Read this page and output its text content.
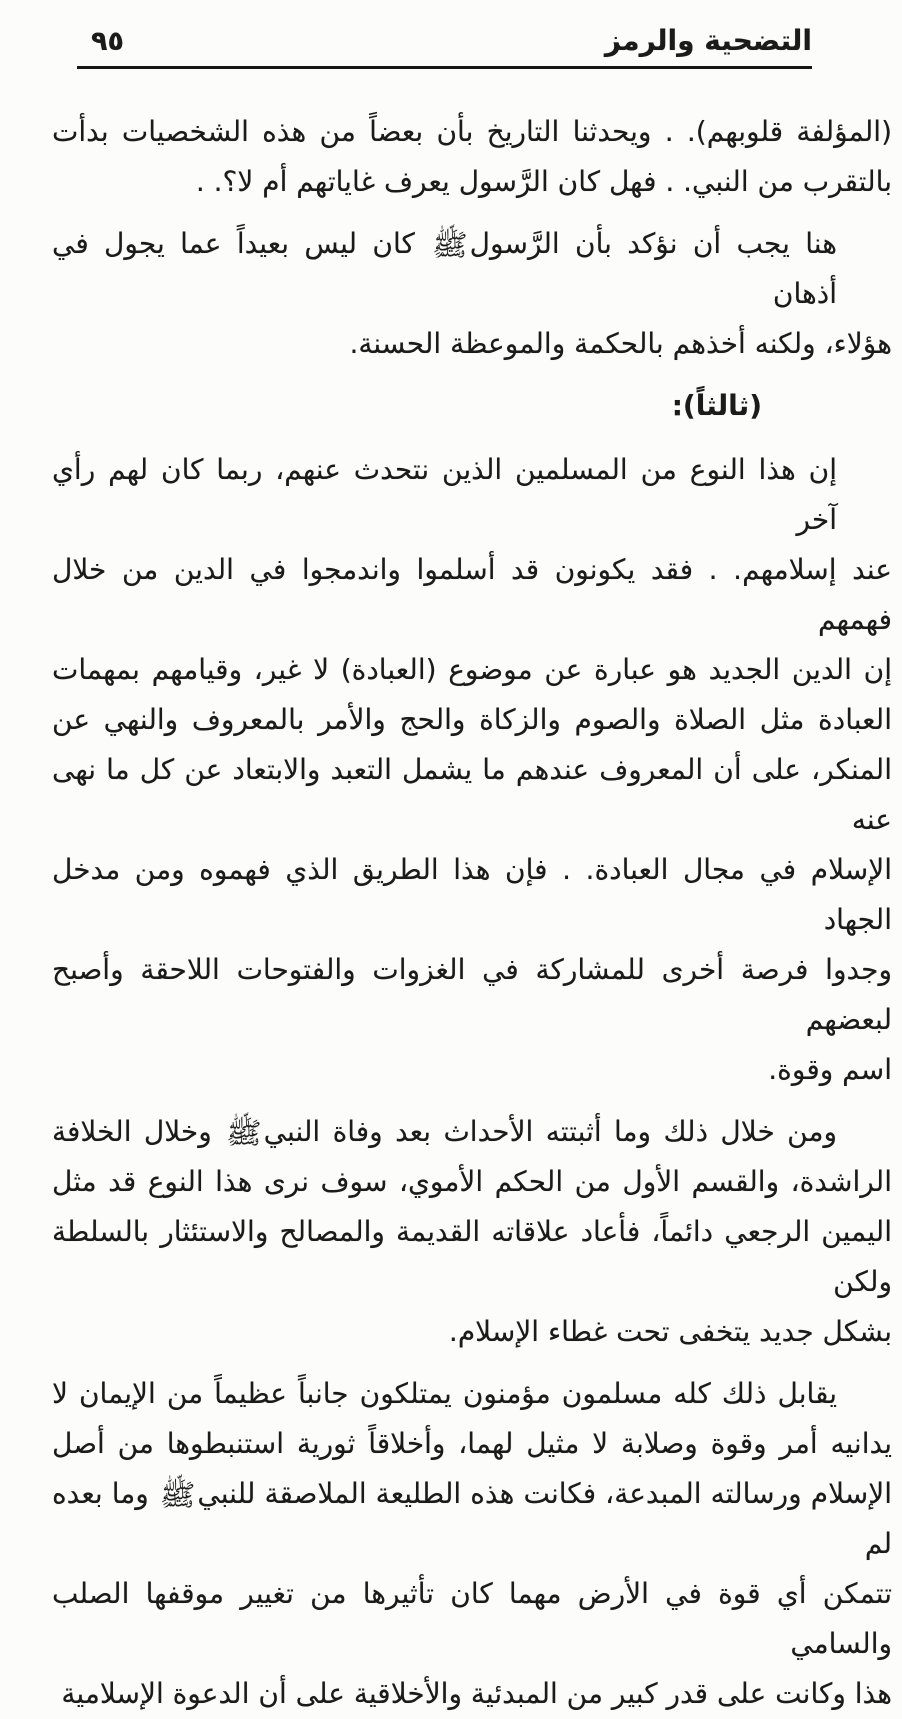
التضحية والرمز
٩٥

(المؤلفة قلوبهم). . ويحدثنا التاريخ بأن بعضاً من هذه الشخصيات بدأت
بالتقرب من النبي. . فهل كان الرَّسول يعرف غاياتهم أم لا؟. .

هنا يجب أن نؤكد بأن الرَّسولﷺ كان ليس بعيداً عما يجول في أذهان
هؤلاء، ولكنه أخذهم بالحكمة والموعظة الحسنة.

(ثالثاً):

إن هذا النوع من المسلمين الذين نتحدث عنهم، ربما كان لهم رأي آخر
عند إسلامهم. . فقد يكونون قد أسلموا واندمجوا في الدين من خلال فهمهم
إن الدين الجديد هو عبارة عن موضوع (العبادة) لا غير، وقيامهم بمهمات
العبادة مثل الصلاة والصوم والزكاة والحج والأمر بالمعروف والنهي عن
المنكر، على أن المعروف عندهم ما يشمل التعبد والابتعاد عن كل ما نهى عنه
الإسلام في مجال العبادة. . فإن هذا الطريق الذي فهموه ومن مدخل الجهاد
وجدوا فرصة أخرى للمشاركة في الغزوات والفتوحات اللاحقة وأصبح لبعضهم
اسم وقوة.

ومن خلال ذلك وما أثبتته الأحداث بعد وفاة النبيﷺ وخلال الخلافة
الراشدة، والقسم الأول من الحكم الأموي، سوف نرى هذا النوع قد مثل
اليمين الرجعي دائماً، فأعاد علاقاته القديمة والمصالح والاستئثار بالسلطة ولكن
بشكل جديد يتخفى تحت غطاء الإسلام.

يقابل ذلك كله مسلمون مؤمنون يمتلكون جانباً عظيماً من الإيمان لا
يدانيه أمر وقوة وصلابة لا مثيل لهما، وأخلاقاً ثورية استنبطوها من أصل
الإسلام ورسالته المبدعة، فكانت هذه الطليعة الملاصقة للنبيﷺ وما بعده لم
تتمكن أي قوة في الأرض مهما كان تأثيرها من تغيير موقفها الصلب والسامي
هذا وكانت على قدر كبير من المبدئية والأخلاقية على أن الدعوة الإسلامية
